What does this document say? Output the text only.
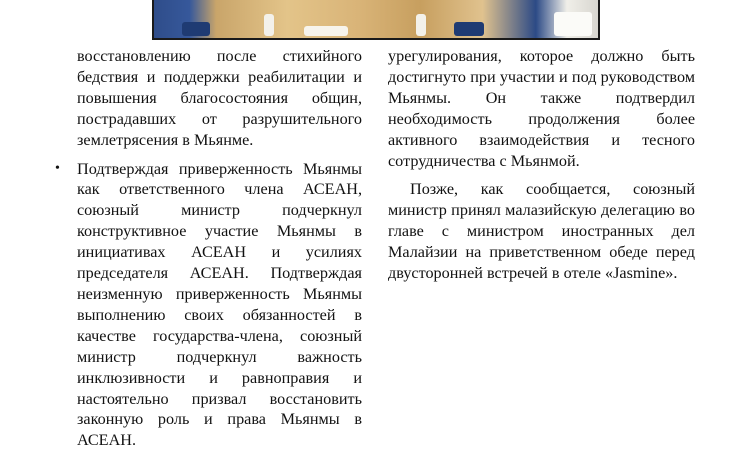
восстановлению после стихийного бедствия и поддержки реабилитации и повышения благосостояния общин, пострадавших от разрушительного землетрясения в Мьянме.

• Подтверждая приверженность Мьянмы как ответственного члена АСЕАН, союзный министр подчеркнул конструктивное участие Мьянмы в инициативах АСЕАН и усилиях председателя АСЕАН. Подтверждая неизменную приверженность Мьянмы выполнению своих обязанностей в качестве государства-члена, союзный министр подчеркнул важность инклюзивности и равноправия и настоятельно призвал восстановить законную роль и права Мьянмы в АСЕАН.

урегулирования, которое должно быть достигнуто при участии и под руководством Мьянмы. Он также подтвердил необходимость продолжения более активного взаимодействия и тесного сотрудничества с Мьянмой.

Позже, как сообщается, союзный министр принял малазийскую делегацию во главе с министром иностранных дел Малайзии на приветственном обеде перед двусторонней встречей в отеле «Jasmine».
